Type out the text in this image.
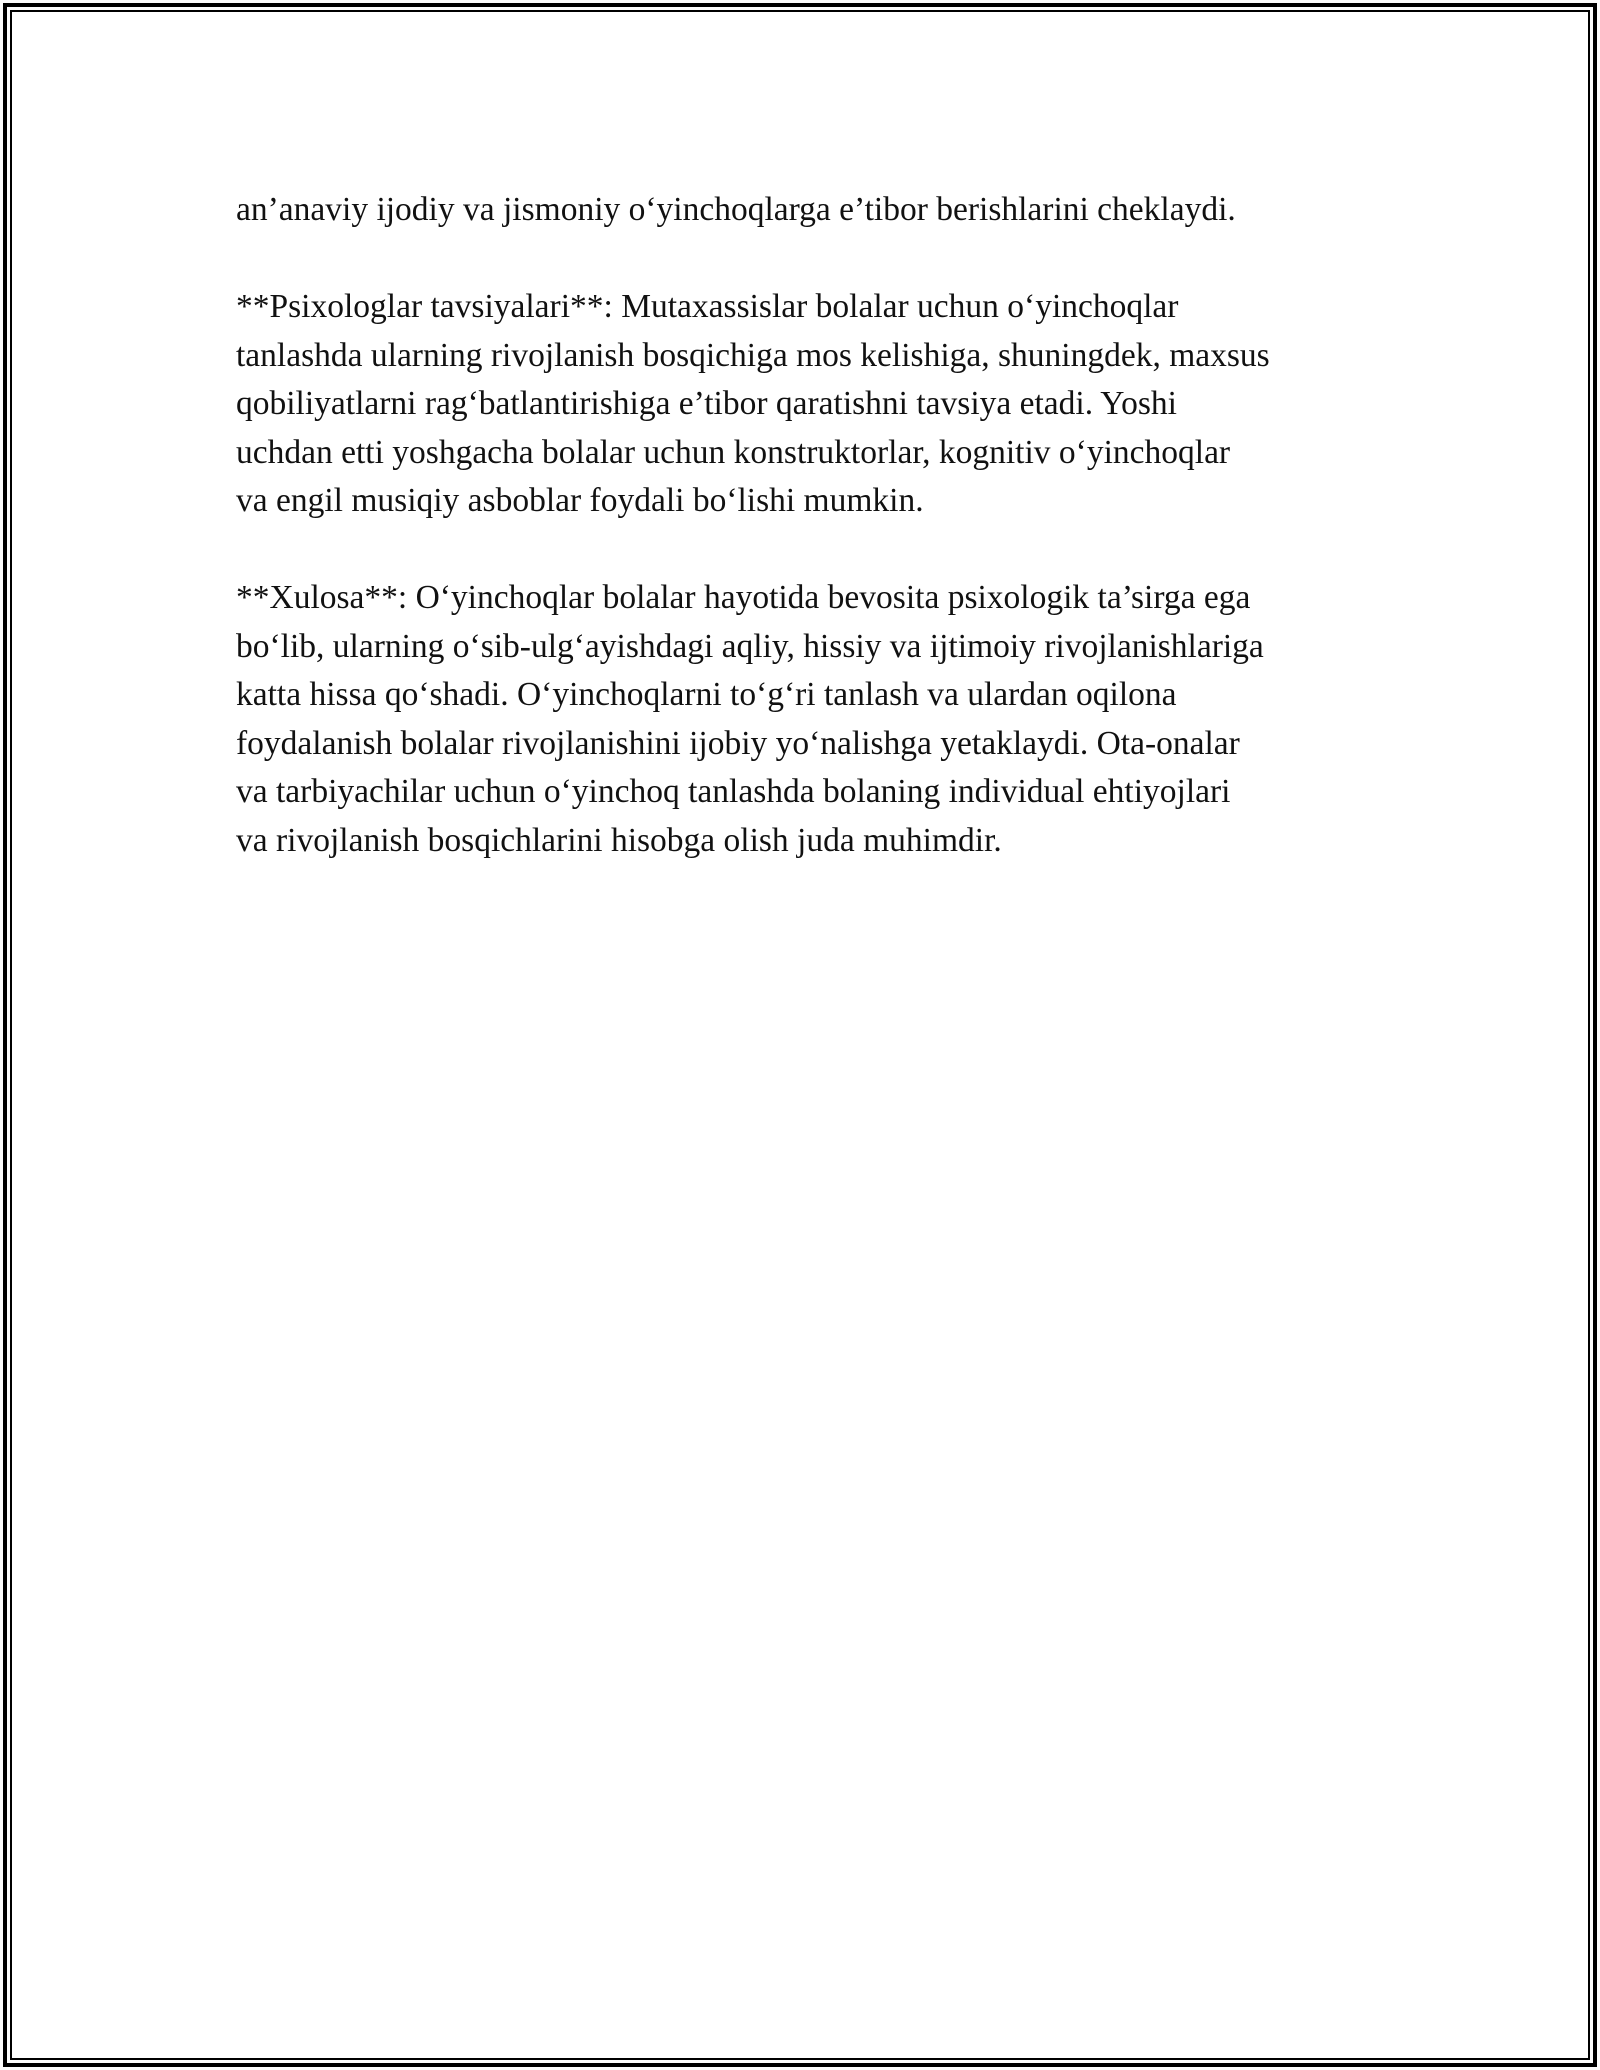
an’anaviy ijodiy va jismoniy o‘yinchoqlarga e’tibor berishlarini cheklaydi.

**Psixologlar tavsiyalari**: Mutaxassislar bolalar uchun o‘yinchoqlar
tanlashda ularning rivojlanish bosqichiga mos kelishiga, shuningdek, maxsus
qobiliyatlarni rag‘batlantirishiga e’tibor qaratishni tavsiya etadi. Yoshi
uchdan etti yoshgacha bolalar uchun konstruktorlar, kognitiv o‘yinchoqlar
va engil musiqiy asboblar foydali bo‘lishi mumkin.

**Xulosa**: O‘yinchoqlar bolalar hayotida bevosita psixologik ta’sirga ega
bo‘lib, ularning o‘sib-ulg‘ayishdagi aqliy, hissiy va ijtimoiy rivojlanishlariga
katta hissa qo‘shadi. O‘yinchoqlarni to‘g‘ri tanlash va ulardan oqilona
foydalanish bolalar rivojlanishini ijobiy yo‘nalishga yetaklaydi. Ota-onalar
va tarbiyachilar uchun o‘yinchoq tanlashda bolaning individual ehtiyojlari
va rivojlanish bosqichlarini hisobga olish juda muhimdir.
